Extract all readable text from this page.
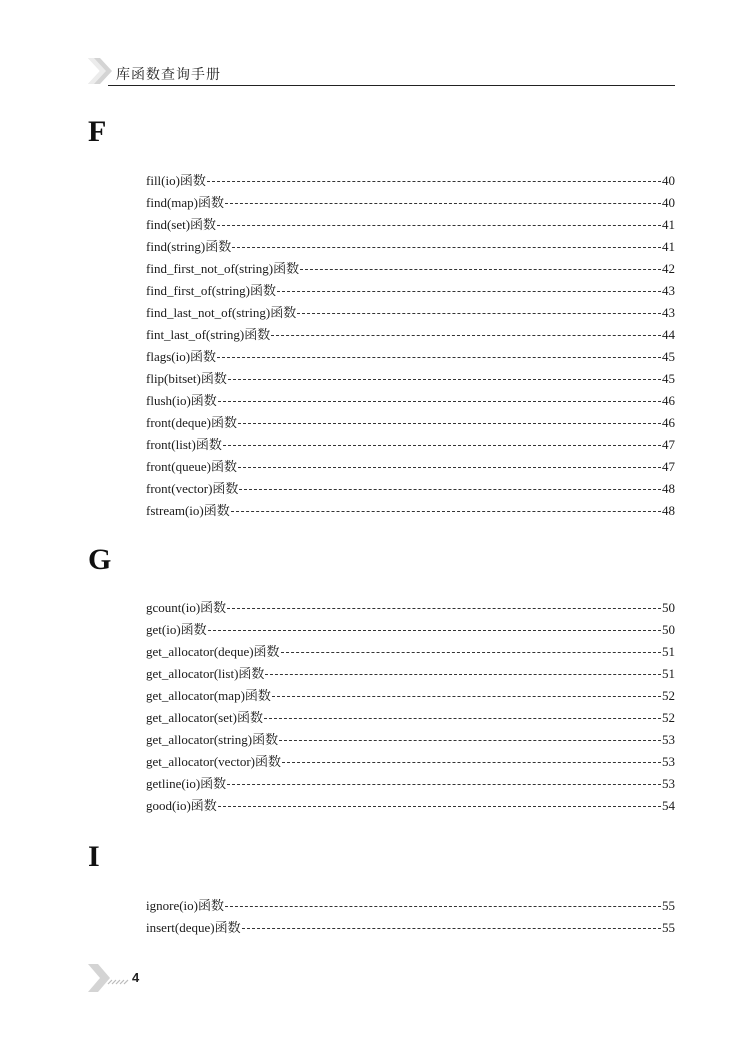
库函数查询手册
F
fill(io)函数	40
find(map)函数	40
find(set)函数	41
find(string)函数	41
find_first_not_of(string)函数	42
find_first_of(string)函数	43
find_last_not_of(string)函数	43
fint_last_of(string)函数	44
flags(io)函数	45
flip(bitset)函数	45
flush(io)函数	46
front(deque)函数	46
front(list)函数	47
front(queue)函数	47
front(vector)函数	48
fstream(io)函数	48
G
gcount(io)函数	50
get(io)函数	50
get_allocator(deque)函数	51
get_allocator(list)函数	51
get_allocator(map)函数	52
get_allocator(set)函数	52
get_allocator(string)函数	53
get_allocator(vector)函数	53
getline(io)函数	53
good(io)函数	54
I
ignore(io)函数	55
insert(deque)函数	55
4
